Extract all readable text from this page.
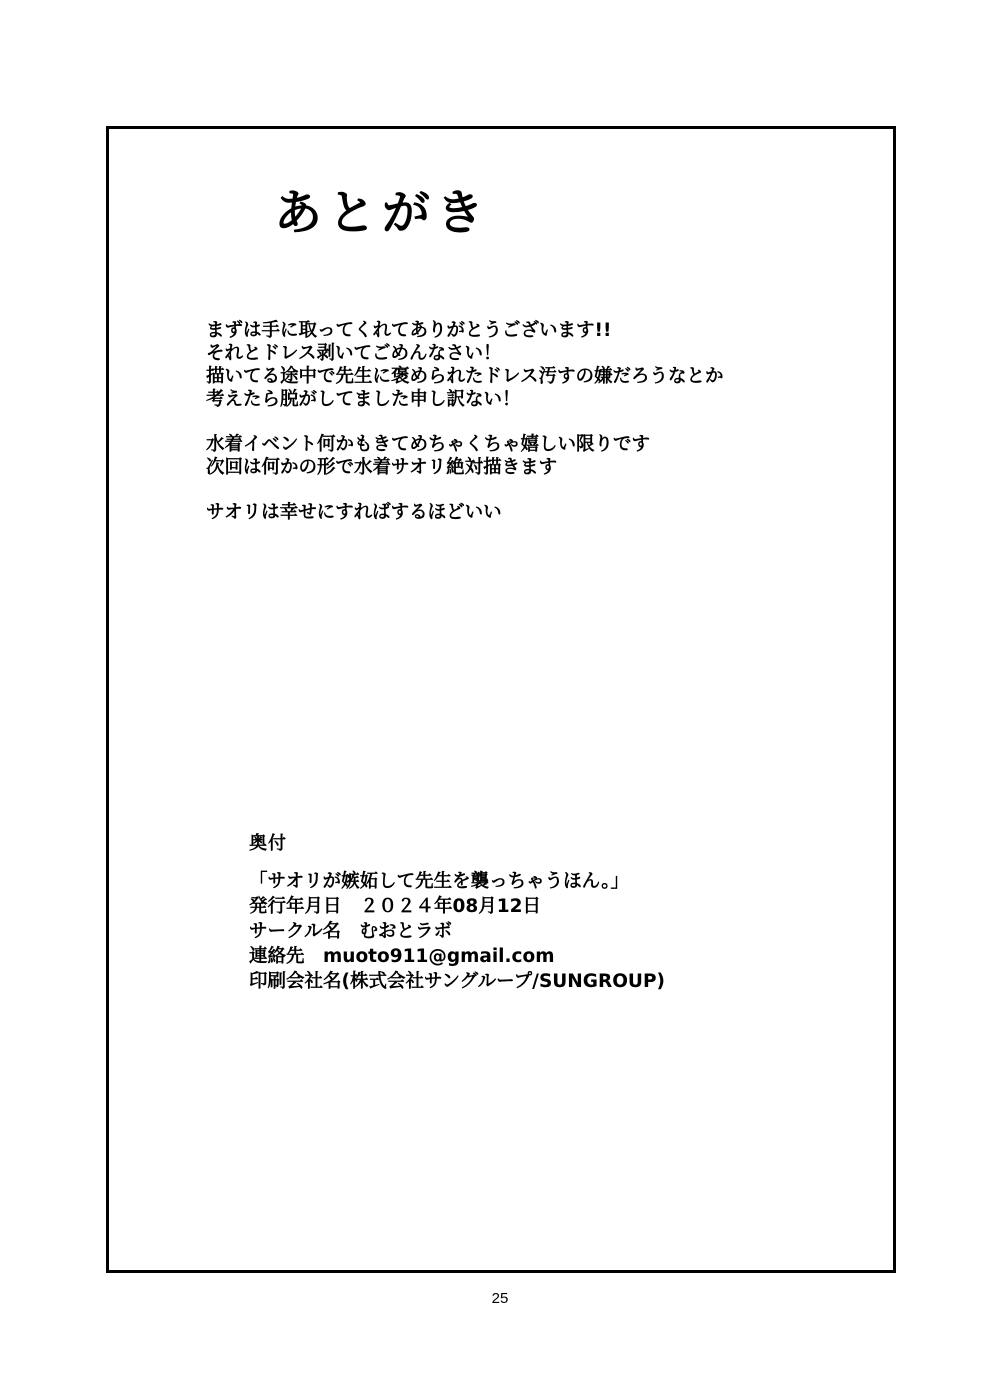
あとがき

まずは手に取ってくれてありがとうございます!!
それとドレス剥いてごめんなさい！
描いてる途中で先生に褒められたドレス汚すの嫌だろうなとか
考えたら脱がしてました申し訳ない！

水着イベント何かもきてめちゃくちゃ嬉しい限りです
次回は何かの形で水着サオリ絶対描きます

サオリは幸せにすればするほどいい

奥付
「サオリが嫉妬して先生を襲っちゃうほん。」
発行年月日　２０２４年08月12日
サークル名　むおとラボ
連絡先　muoto911@gmail.com
印刷会社名(株式会社サングループ/SUNGROUP)
25
